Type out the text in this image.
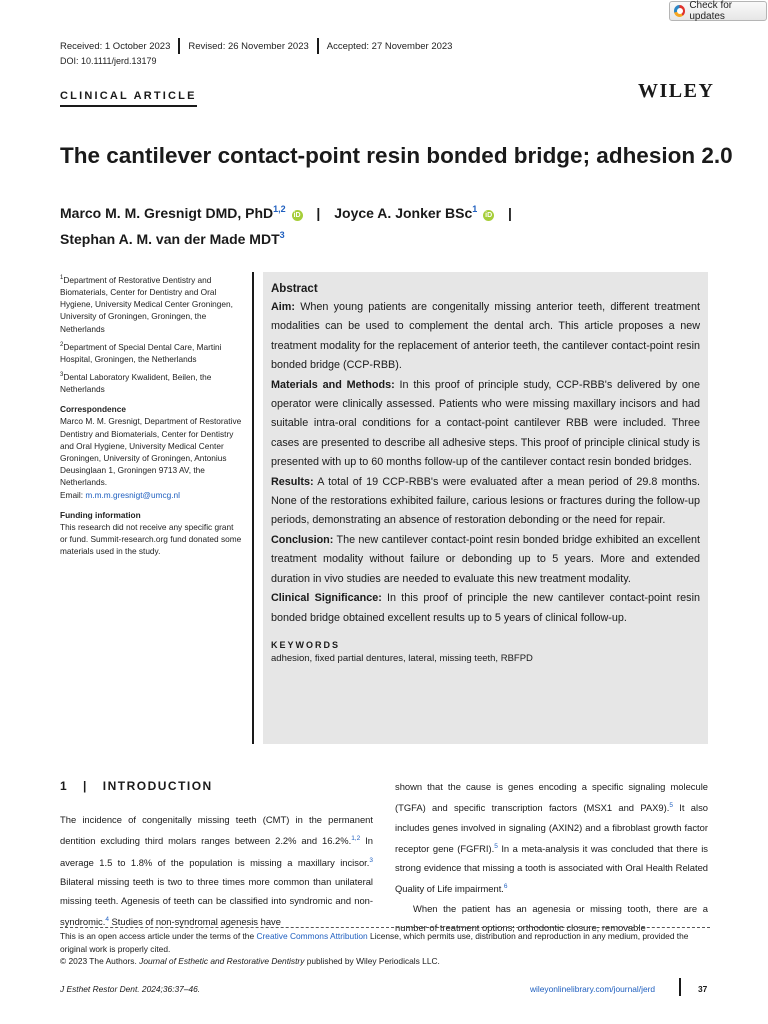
Check for updates
Received: 1 October 2023 Revised: 26 November 2023 Accepted: 27 November 2023
DOI: 10.1111/jerd.13179
CLINICAL ARTICLE	WILEY
The cantilever contact-point resin bonded bridge; adhesion 2.0
Marco M. M. Gresnigt DMD, PhD$^{1,2}$ iD | Joyce A. Jonker BSc$^1$ iD |
Stephan A. M. van der Made MDT$^3$

$^1$Department of Restorative Dentistry and Biomaterials, Center for Dentistry and Oral Hygiene, University Medical Center Groningen, University of Groningen, Groningen, the Netherlands

$^2$Department of Special Dental Care, Martini Hospital, Groningen, the Netherlands

$^3$Dental Laboratory Kwalident, Beilen, the Netherlands

Correspondence

Marco M. M. Gresnigt, Department of Restorative Dentistry and Biomaterials, Center for Dentistry and Oral Hygiene, University Medical Center Groningen, University of Groningen, Antonius Deusinglaan 1, Groningen 9713 AV, the Netherlands.

Email: m.m.m.gresnigt@umcg.nl

Funding information

This research did not receive any specific grant or fund. Summit-research.org fund donated some materials used in the study.

Abstract

Aim: When young patients are congenitally missing anterior teeth, different treatment modalities can be used to complement the dental arch. This article proposes a new treatment modality for the replacement of anterior teeth, the cantilever contact-point resin bonded bridge (CCP-RBB).

Materials and Methods: In this proof of principle study, CCP-RBB's delivered by one operator were clinically assessed. Patients who were missing maxillary incisors and had suitable intra-oral conditions for a contact-point cantilever RBB were included. Three cases are presented to describe all adhesive steps. This proof of principle clinical study is presented with up to 60 months follow-up of the cantilever contact resin bonded bridges.

Results: A total of 19 CCP-RBB's were evaluated after a mean period of 29.8 months. None of the restorations exhibited failure, carious lesions or fractures during the follow-up periods, demonstrating an absence of restoration debonding or the need for repair.

Conclusion: The new cantilever contact-point resin bonded bridge exhibited an excellent treatment modality without failure or debonding up to 5 years. More and extended duration in vivo studies are needed to evaluate this new treatment modality.

Clinical Significance: In this proof of principle the new cantilever contact-point resin bonded bridge obtained excellent results up to 5 years of clinical follow-up.

KEYWORDS
adhesion, fixed partial dentures, lateral, missing teeth, RBFPD
1 | INTRODUCTION
The incidence of congenitally missing teeth (CMT) in the permanent dentition excluding third molars ranges between 2.2% and 16.2%.$^{1,2}$ In average 1.5 to 1.8% of the population is missing a maxillary incisor.$^3$ Bilateral missing teeth is two to three times more common than unilateral missing teeth. Agenesis of teeth can be classified into syndromic and non-syndromic.$^4$ Studies of non-syndromal agenesis have

shown that the cause is genes encoding a specific signaling molecule (TGFA) and specific transcription factors (MSX1 and PAX9).$^5$ It also includes genes involved in signaling (AXIN2) and a fibroblast growth factor receptor gene (FGFRI).$^5$ In a meta-analysis it was concluded that there is strong evidence that missing a tooth is associated with Oral Health Related Quality of Life impairment.$^6$

When the patient has an agenesia or missing tooth, there are a number of treatment options; orthodontic closure, removable

This is an open access article under the terms of the Creative Commons Attribution License, which permits use, distribution and reproduction in any medium, provided the original work is properly cited.
© 2023 The Authors. Journal of Esthetic and Restorative Dentistry published by Wiley Periodicals LLC.
J Esthet Restor Dent. 2024;36:37–46.	wileyonlinelibrary.com/journal/jerd	37
